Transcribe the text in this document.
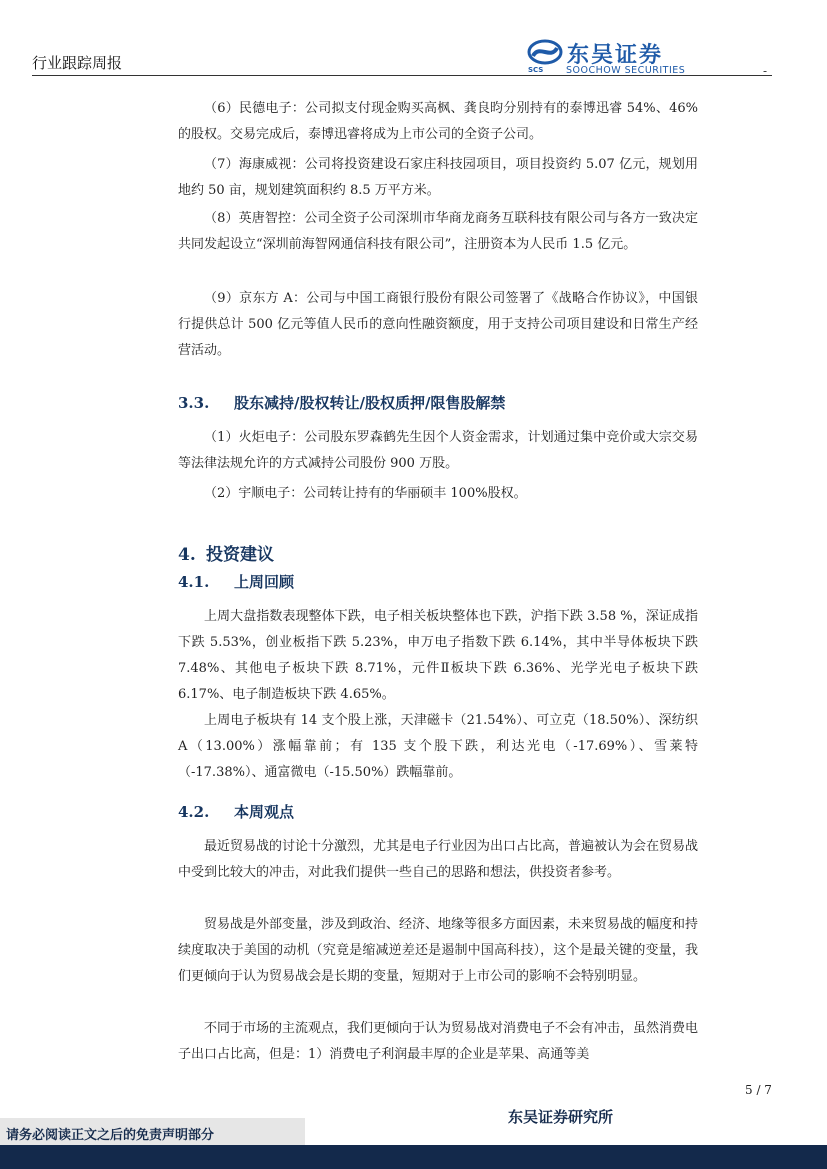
行业跟踪周报	-
SCS
东吴证券
SOOCHOW SECURITIES

（6）民德电子：公司拟支付现金购买高枫、龚良昀分别持有的泰博迅睿 54%、46%的股权。交易完成后，泰博迅睿将成为上市公司的全资子公司。

（7）海康威视：公司将投资建设石家庄科技园项目，项目投资约 5.07 亿元，规划用地约 50 亩，规划建筑面积约 8.5 万平方米。

（8）英唐智控：公司全资子公司深圳市华商龙商务互联科技有限公司与各方一致决定共同发起设立“深圳前海智网通信科技有限公司”，注册资本为人民币 1.5 亿元。

（9）京东方 A：公司与中国工商银行股份有限公司签署了《战略合作协议》，中国银行提供总计 500 亿元等值人民币的意向性融资额度，用于支持公司项目建设和日常生产经营活动。

3.3. 股东减持/股权转让/股权质押/限售股解禁

（1）火炬电子：公司股东罗森鹤先生因个人资金需求，计划通过集中竞价或大宗交易等法律法规允许的方式减持公司股份 900 万股。

（2）宇顺电子：公司转让持有的华丽硕丰 100%股权。

4. 投资建议
4.1. 上周回顾

上周大盘指数表现整体下跌，电子相关板块整体也下跌，沪指下跌 3.58 %，深证成指下跌 5.53%，创业板指下跌 5.23%，申万电子指数下跌 6.14%，其中半导体板块下跌 7.48%、其他电子板块下跌 8.71%，元件Ⅱ板块下跌 6.36%、光学光电子板块下跌 6.17%、电子制造板块下跌 4.65%。

上周电子板块有 14 支个股上涨，天津磁卡（21.54%）、可立克（18.50%）、深纺织 A（13.00%）涨幅靠前；有 135 支个股下跌，利达光电（-17.69%）、雪莱特（-17.38%）、通富微电（-15.50%）跌幅靠前。

4.2. 本周观点

最近贸易战的讨论十分激烈，尤其是电子行业因为出口占比高，普遍被认为会在贸易战中受到比较大的冲击，对此我们提供一些自己的思路和想法，供投资者参考。

贸易战是外部变量，涉及到政治、经济、地缘等很多方面因素，未来贸易战的幅度和持续度取决于美国的动机（究竟是缩减逆差还是遏制中国高科技），这个是最关键的变量，我们更倾向于认为贸易战会是长期的变量，短期对于上市公司的影响不会特别明显。

不同于市场的主流观点，我们更倾向于认为贸易战对消费电子不会有冲击，虽然消费电子出口占比高，但是：1）消费电子利润最丰厚的企业是苹果、高通等美

5 / 7
东吴证券研究所
请务必阅读正文之后的免责声明部分
